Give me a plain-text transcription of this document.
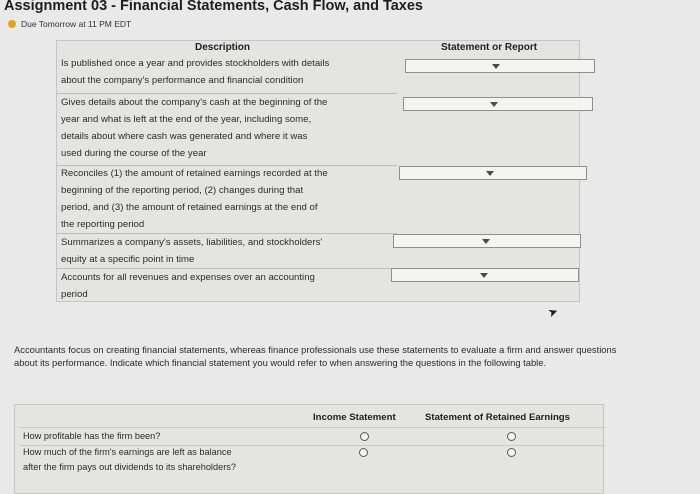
Assignment 03 - Financial Statements, Cash Flow, and Taxes
Due Tomorrow at 11 PM EDT
Description	Statement or Report
Is published once a year and provides stockholders with details
about the company's performance and financial condition
Gives details about the company's cash at the beginning of the
year and what is left at the end of the year, including some,
details about where cash was generated and where it was
used during the course of the year
Reconciles (1) the amount of retained earnings recorded at the
beginning of the reporting period, (2) changes during that
period, and (3) the amount of retained earnings at the end of
the reporting period
Summarizes a company's assets, liabilities, and stockholders'
equity at a specific point in time
Accounts for all revenues and expenses over an accounting
period
➤
Accountants focus on creating financial statements, whereas finance professionals use these statements to evaluate a firm and answer questions about its performance. Indicate which financial statement you would refer to when answering the questions in the following table.
Income Statement	Statement of Retained Earnings
How profitable has the firm been?
How much of the firm's earnings are left as balance
after the firm pays out dividends to its shareholders?
